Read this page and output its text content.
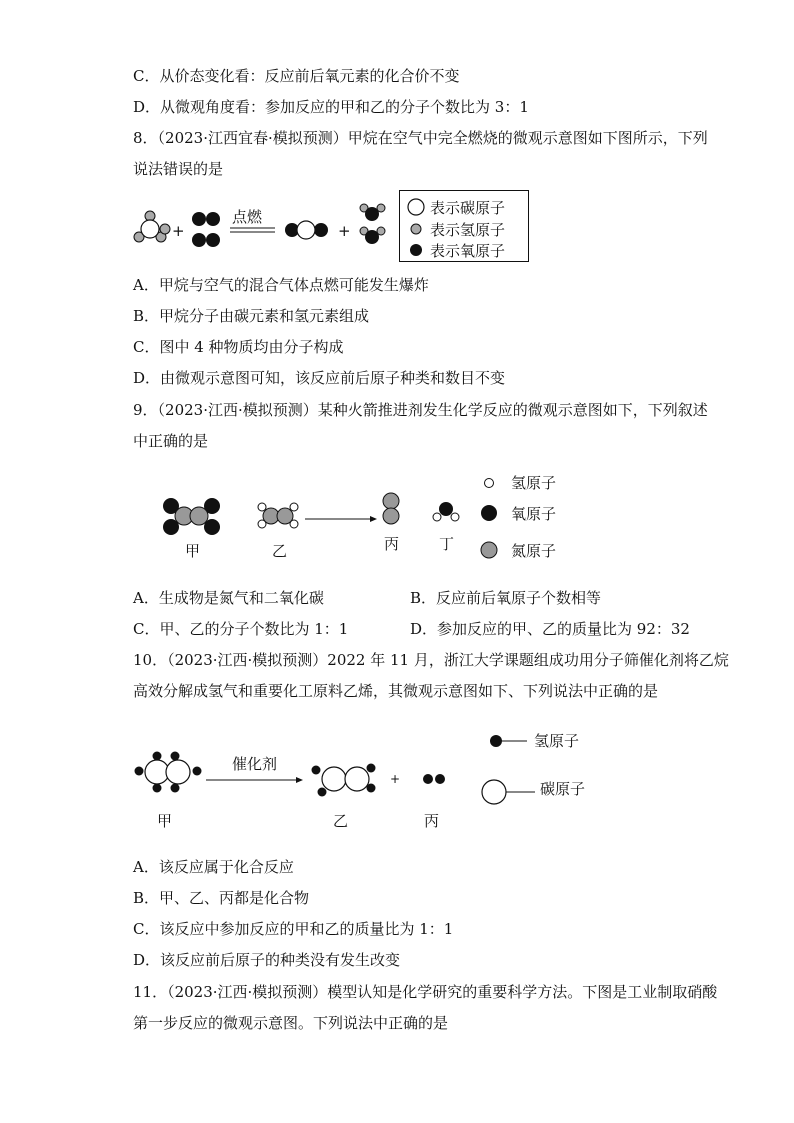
C．从价态变化看：反应前后氧元素的化合价不变
D．从微观角度看：参加反应的甲和乙的分子个数比为 3：1
8．（2023·江西宜春·模拟预测）甲烷在空气中完全燃烧的微观示意图如下图所示，下列
说法错误的是
+
点燃
+
表示碳原子
表示氢原子
表示氧原子
A．甲烷与空气的混合气体点燃可能发生爆炸
B．甲烷分子由碳元素和氢元素组成
C．图中 4 种物质均由分子构成
D．由微观示意图可知，该反应前后原子种类和数目不变
9．（2023·江西·模拟预测）某种火箭推进剂发生化学反应的微观示意图如下，下列叙述
中正确的是
甲	乙	丙	丁
氢原子
氧原子
氮原子
A．生成物是氮气和二氧化碳	B．反应前后氧原子个数相等
C．甲、乙的分子个数比为 1：1	D．参加反应的甲、乙的质量比为 92：32
10．（2023·江西·模拟预测）2022 年 11 月，浙江大学课题组成功用分子筛催化剂将乙烷
高效分解成氢气和重要化工原料乙烯，其微观示意图如下、下列说法中正确的是
甲
催化剂
乙
+
丙
氢原子
碳原子
A．该反应属于化合反应
B．甲、乙、丙都是化合物
C．该反应中参加反应的甲和乙的质量比为 1：1
D．该反应前后原子的种类没有发生改变
11．（2023·江西·模拟预测）模型认知是化学研究的重要科学方法。下图是工业制取硝酸
第一步反应的微观示意图。下列说法中正确的是
